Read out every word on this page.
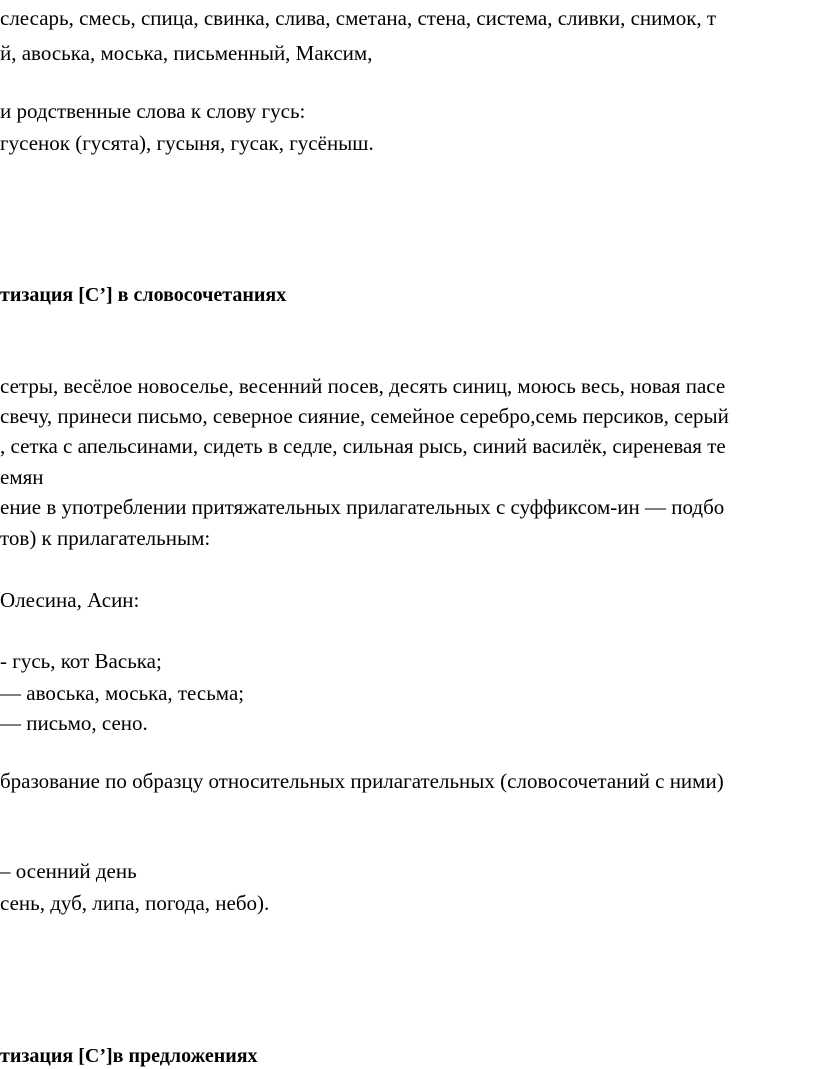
слесарь, смесь, спица, свинка, слива, сметана, стена, система, сливки, снимок, т
й, авоська, моська, письменный, Максим,
и родственные слова к слову гусь:
гусенок (гусята), гусыня, гусак, гусёныш.
тизация [С’] в словосочетаниях
сетры, весёлое новоселье, весенний посев, десять синиц, моюсь весь, новая пасе
свечу, принеси письмо, северное сияние, семейное серебро,семь персиков, серый
, сетка с апельсинами, сидеть в седле, сильная рысь, синий василёк, сиреневая те
емян
ение в употреблении притяжательных прилагательных с суффиксом-ин — подбо
тов) к прилагательным:
Олесина, Асин:
- гусь, кот Васька;
— авоська, моська, тесьма;
— письмо, сено.
бразование по образцу относительных прилагательных (словосочетаний с ними)
– осенний день
сень, дуб, липа, погода, небо).
тизация [С’]в предложениях
